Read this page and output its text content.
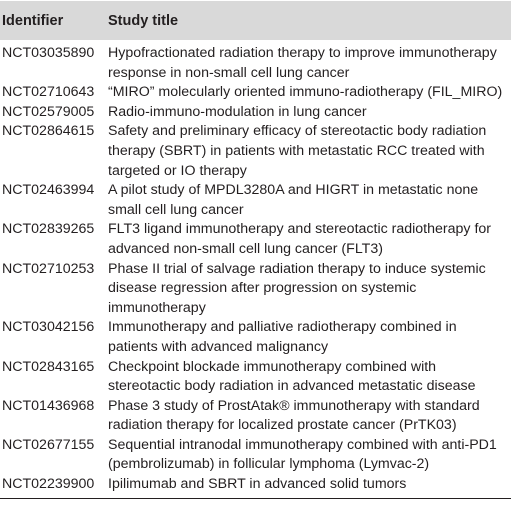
Identifier	Study title
NCT03035890	Hypofractionated radiation therapy to improve immunotherapy response in non-small cell lung cancer
NCT02710643	“MIRO” molecularly oriented immuno-radiotherapy (FIL_MIRO)
NCT02579005	Radio-immuno-modulation in lung cancer
NCT02864615	Safety and preliminary efficacy of stereotactic body radiation therapy (SBRT) in patients with metastatic RCC treated with targeted or IO therapy
NCT02463994	A pilot study of MPDL3280A and HIGRT in metastatic none small cell lung cancer
NCT02839265	FLT3 ligand immunotherapy and stereotactic radiotherapy for advanced non-small cell lung cancer (FLT3)
NCT02710253	Phase II trial of salvage radiation therapy to induce systemic disease regression after progression on systemic immunotherapy
NCT03042156	Immunotherapy and palliative radiotherapy combined in patients with advanced malignancy
NCT02843165	Checkpoint blockade immunotherapy combined with stereotactic body radiation in advanced metastatic disease
NCT01436968	Phase 3 study of ProstAtak® immunotherapy with standard radiation therapy for localized prostate cancer (PrTK03)
NCT02677155	Sequential intranodal immunotherapy combined with anti-PD1 (pembrolizumab) in follicular lymphoma (Lymvac-2)
NCT02239900	Ipilimumab and SBRT in advanced solid tumors
